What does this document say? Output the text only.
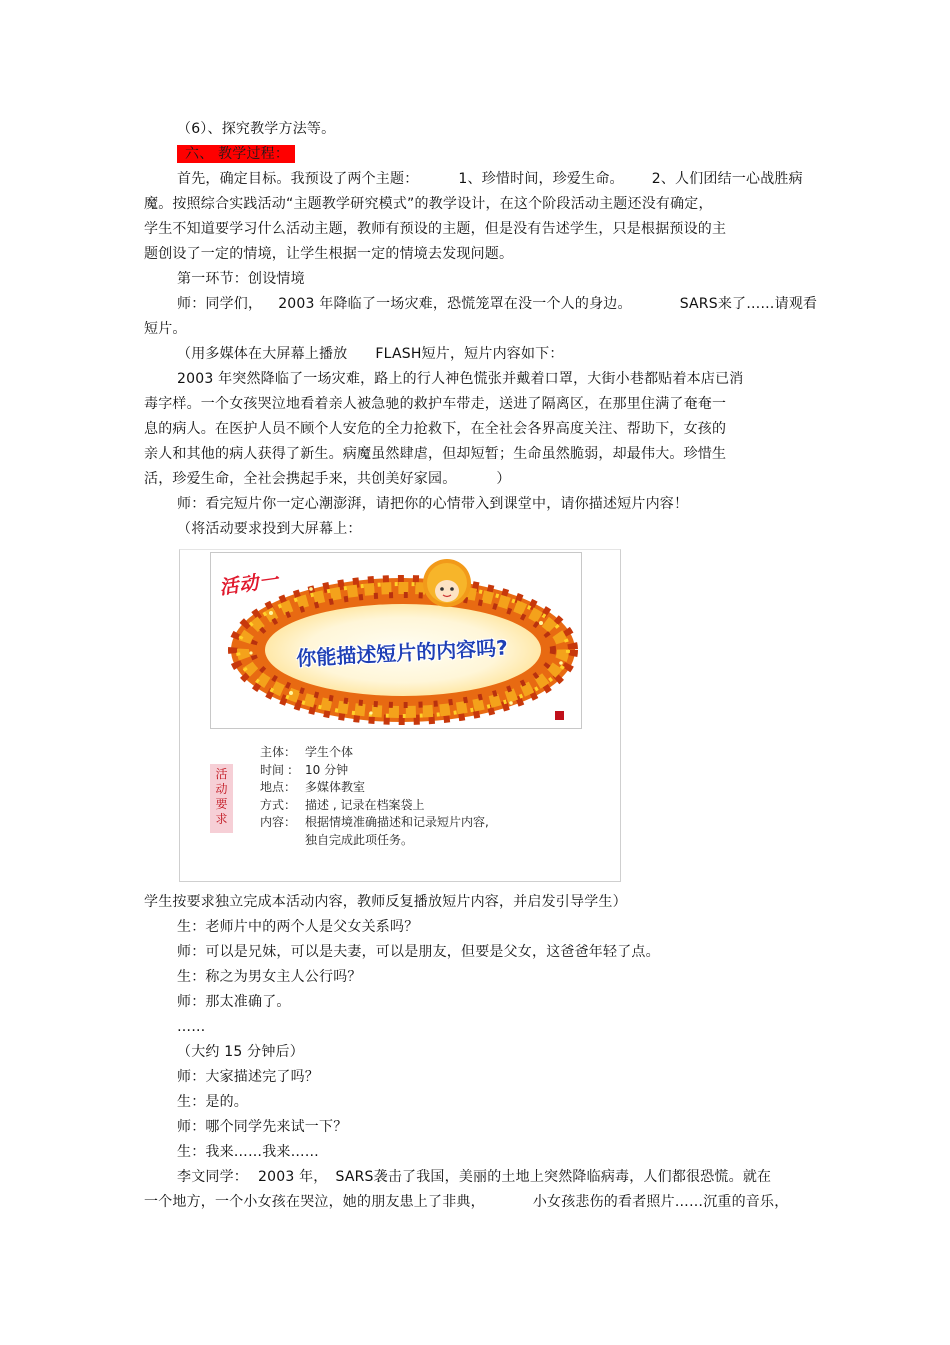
（6）、探究教学方法等。
六、 教学过程：
首先，确定目标。我预设了两个主题：	1、珍惜时间，珍爱生命。 2、人们团结一心战胜病
魔。按照综合实践活动“主题教学研究模式”的教学设计，在这个阶段活动主题还没有确定，
学生不知道要学习什么活动主题，教师有预设的主题，但是没有告述学生，只是根据预设的主
题创设了一定的情境，让学生根据一定的情境去发现问题。
第一环节：创设情境
师：同学们， 2003 年降临了一场灾难，恐慌笼罩在没一个人的身边。	SARS来了……请观看
短片。
（用多媒体在大屏幕上播放 FLASH短片，短片内容如下：
2003 年突然降临了一场灾难，路上的行人神色慌张并戴着口罩，大街小巷都贴着本店已消
毒字样。一个女孩哭泣地看着亲人被急驰的救护车带走，送进了隔离区，在那里住满了奄奄一
息的病人。在医护人员不顾个人安危的全力抢救下，在全社会各界高度关注、帮助下，女孩的
亲人和其他的病人获得了新生。病魔虽然肆虐，但却短暂；生命虽然脆弱，却最伟大。珍惜生
活，珍爱生命，全社会携起手来，共创美好家园。	）
师：看完短片你一定心潮澎湃，请把你的心情带入到课堂中，请你描述短片内容！
（将活动要求投到大屏幕上：
活动一
你能描述短片的内容吗?
活
动
要
求
主体： 学生个体
时间 : 10 分钟
地点： 多媒体教室
方式： 描述 , 记录在档案袋上
内容： 根据情境准确描述和记录短片内容,
独自完成此项任务。
学生按要求独立完成本活动内容，教师反复播放短片内容，并启发引导学生）
生：老师片中的两个人是父女关系吗？
师：可以是兄妹，可以是夫妻，可以是朋友，但要是父女，这爸爸年轻了点。
生：称之为男女主人公行吗？
师：那太准确了。
……
（大约 15 分钟后）
师：大家描述完了吗？
生：是的。
师：哪个同学先来试一下？
生：我来……我来……
李文同学： 2003 年， SARS袭击了我国，美丽的土地上突然降临病毒，人们都很恐慌。就在
一个地方，一个小女孩在哭泣，她的朋友患上了非典，	小女孩悲伤的看者照片……沉重的音乐，
